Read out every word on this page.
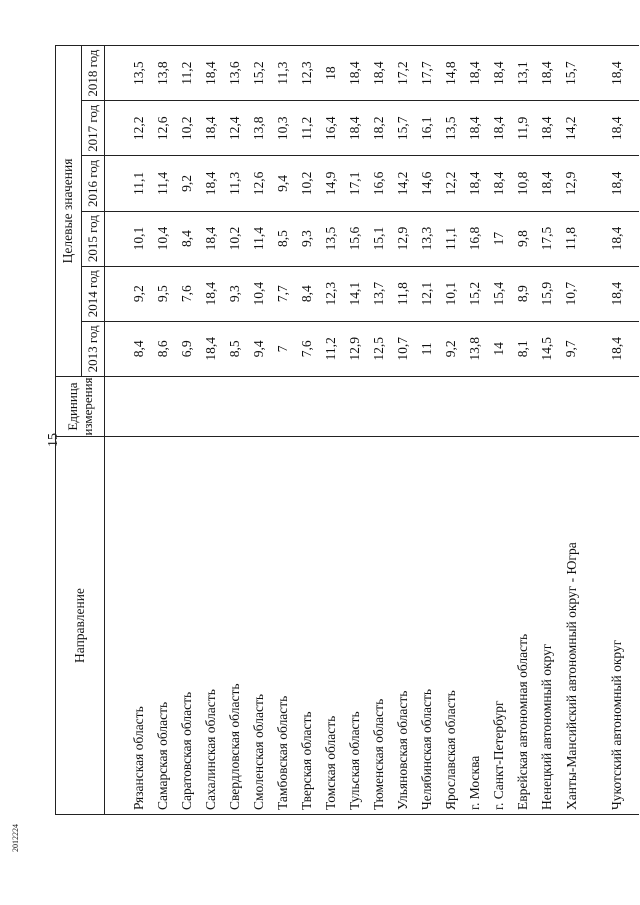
15
Направление	Единица
измерения	Целевые значения					
		2013 год	2014 год	2015 год	2016 год	2017 год	2018 год

Рязанская область		8,4	9,2	10,1	11,1	12,2	13,5
Самарская область		8,6	9,5	10,4	11,4	12,6	13,8
Саратовская область		6,9	7,6	8,4	9,2	10,2	11,2
Сахалинская область		18,4	18,4	18,4	18,4	18,4	18,4
Свердловская область		8,5	9,3	10,2	11,3	12,4	13,6
Смоленская область		9,4	10,4	11,4	12,6	13,8	15,2
Тамбовская область		7	7,7	8,5	9,4	10,3	11,3
Тверская область		7,6	8,4	9,3	10,2	11,2	12,3
Томская область		11,2	12,3	13,5	14,9	16,4	18
Тульская область		12,9	14,1	15,6	17,1	18,4	18,4
Тюменская область		12,5	13,7	15,1	16,6	18,2	18,4
Ульяновская область		10,7	11,8	12,9	14,2	15,7	17,2
Челябинская область		11	12,1	13,3	14,6	16,1	17,7
Ярославская область		9,2	10,1	11,1	12,2	13,5	14,8
г. Москва		13,8	15,2	16,8	18,4	18,4	18,4
г. Санкт-Петербург		14	15,4	17	18,4	18,4	18,4
Еврейская автономная область		8,1	8,9	9,8	10,8	11,9	13,1
Ненецкий автономный округ		14,5	15,9	17,5	18,4	18,4	18,4
Ханты-Мансийский автономный округ - Югра		9,7	10,7	11,8	12,9	14,2	15,7
Чукотский автономный округ		18,4	18,4	18,4	18,4	18,4	18,4
2012224
